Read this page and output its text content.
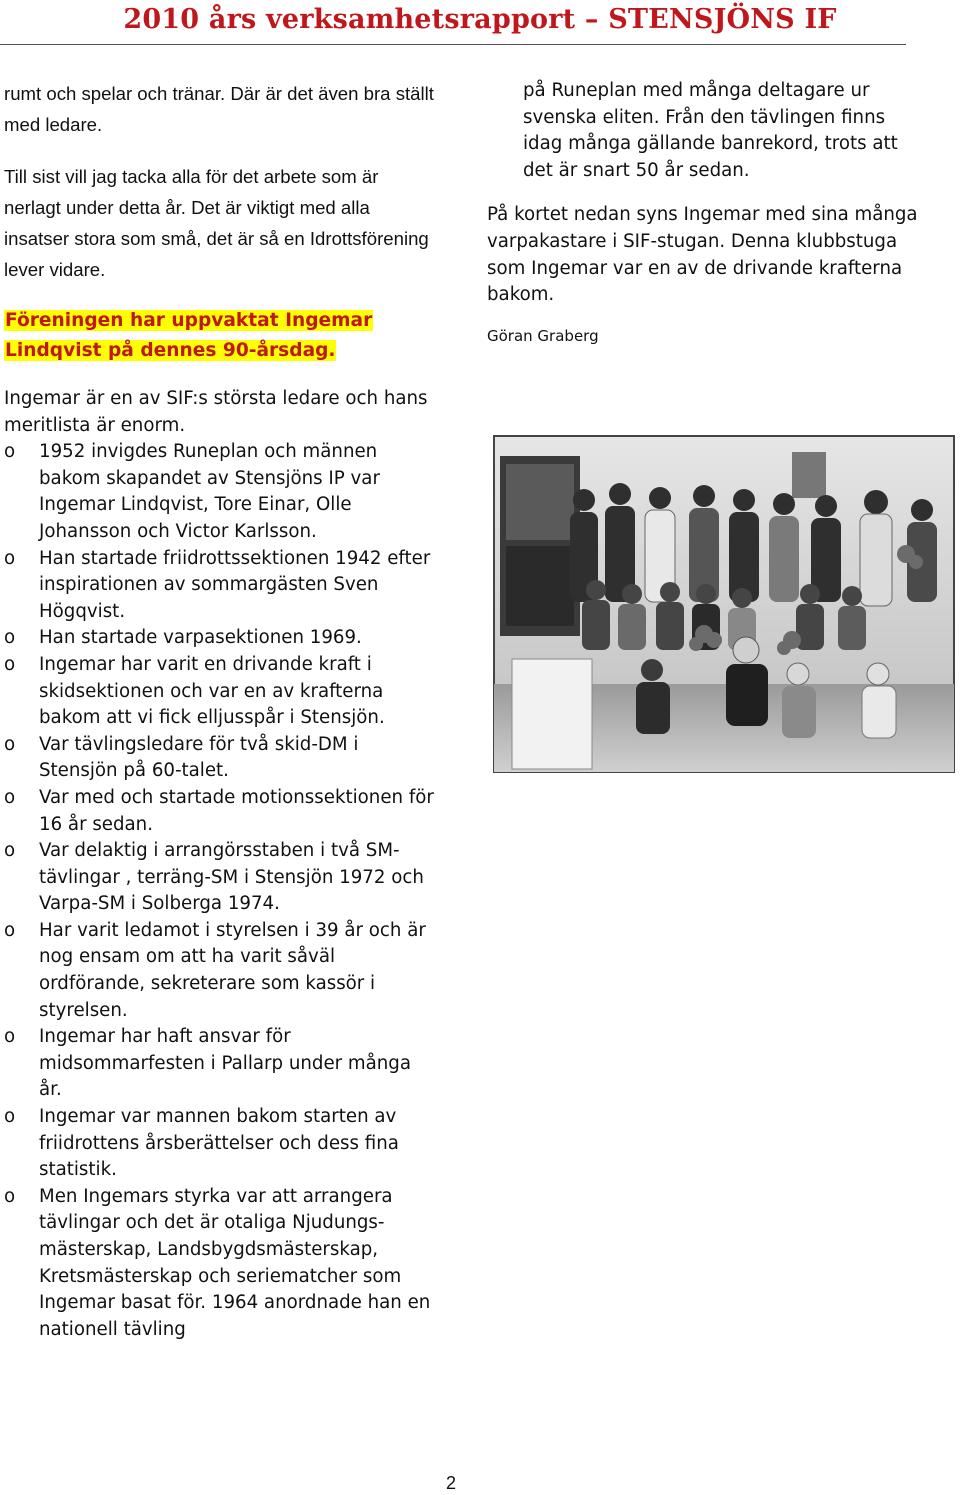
2010 års verksamhetsrapport – STENSJÖNS IF

rumt och spelar och tränar. Där är det även bra ställt med ledare.

Till sist vill jag tacka alla för det arbete som är nerlagt under detta år. Det är viktigt med alla insatser stora som små, det är så en Idrottsförening lever vidare.

Föreningen har uppvaktat Ingemar Lindqvist på dennes 90-årsdag.

Ingemar är en av SIF:s största ledare och hans meritlista är enorm.

o 1952 invigdes Runeplan och männen bakom skapandet av Stensjöns IP var Ingemar Lindqvist, Tore Einar, Olle Johansson och Victor Karlsson.
o Han startade friidrottssektionen 1942 efter inspirationen av sommargästen Sven Högqvist.
o Han startade varpasektionen 1969.
o Ingemar har varit en drivande kraft i skidsektionen och var en av krafterna bakom att vi fick elljusspår i Stensjön.
o Var tävlingsledare för två skid-DM i Stensjön på 60-talet.
o Var med och startade motionssektionen för 16 år sedan.
o Var delaktig i arrangörsstaben i två SM-tävlingar , terräng-SM i Stensjön 1972 och Varpa-SM i Solberga 1974.
o Har varit ledamot i styrelsen i 39 år och är nog ensam om att ha varit såväl ordförande, sekreterare som kassör i styrelsen.
o Ingemar har haft ansvar för midsommarfesten i Pallarp under många år.
o Ingemar var mannen bakom starten av friidrottens årsberättelser och dess fina statistik.
o Men Ingemars styrka var att arrangera tävlingar och det är otaliga Njudungs-mästerskap, Landsbygdsmästerskap, Kretsmästerskap och seriematcher som Ingemar basat för. 1964 anordnade han en nationell tävling

på Runeplan med många deltagare ur svenska eliten. Från den tävlingen finns idag många gällande banrekord, trots att det är snart 50 år sedan.

På kortet nedan syns Ingemar med sina många varpakastare i SIF-stugan. Denna klubbstuga som Ingemar var en av de drivande krafterna bakom.

Göran Graberg

2
